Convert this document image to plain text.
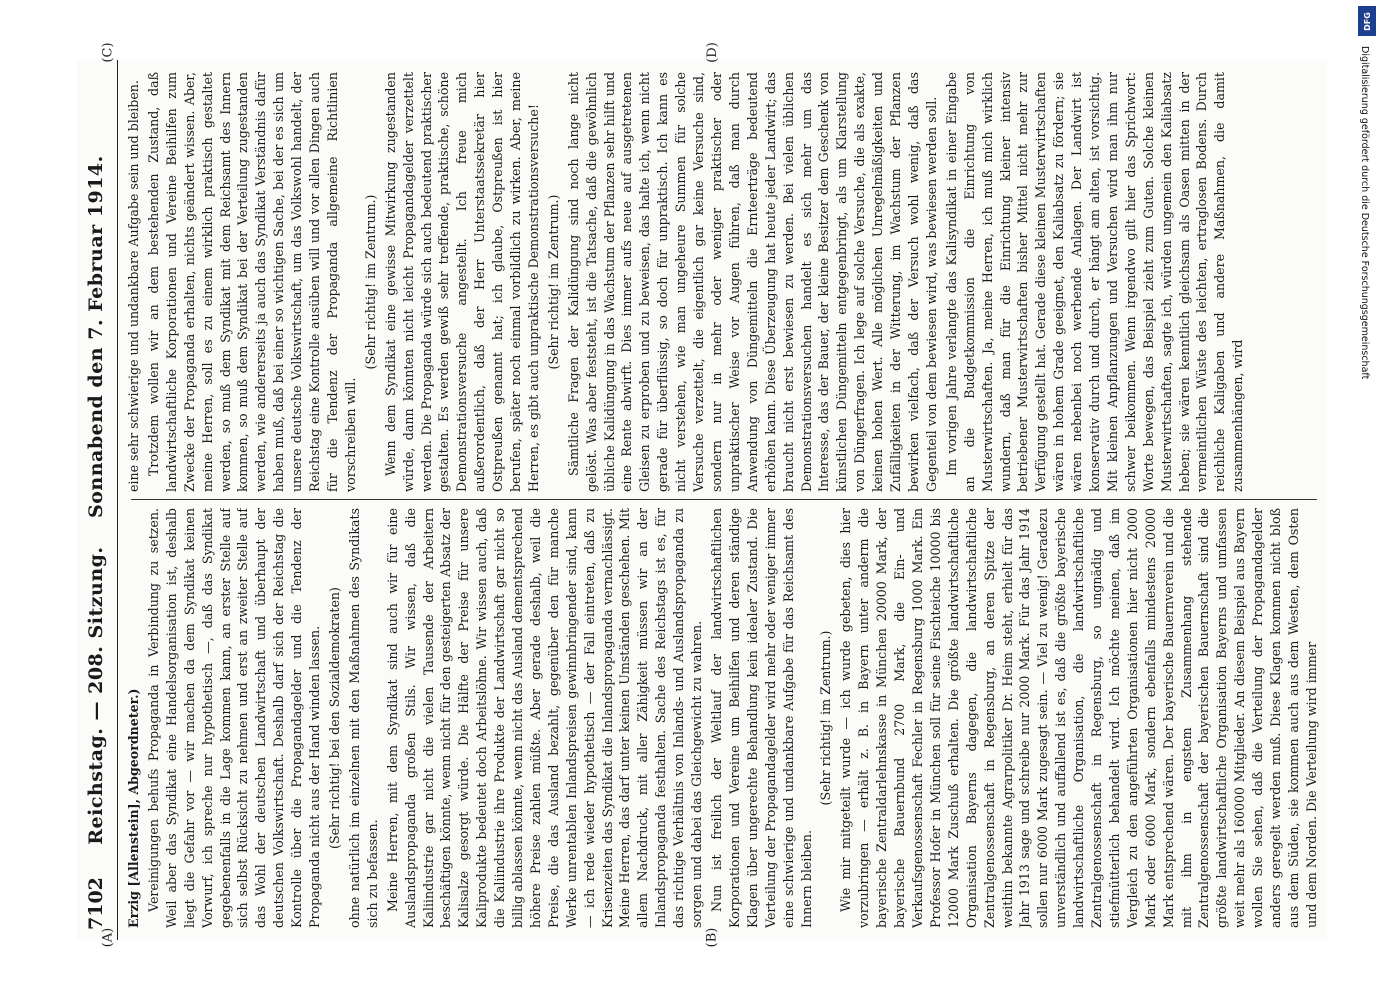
7102
Reichstag. — 208. Sitzung.    Sonnabend den 7. Februar 1914.

Erzig [Allenstein], Abgeordneter.) Vereinigungen behufs Propaganda in Verbindung zu setzen. Weil aber das Syndikat eine Handelsorganisation ist, deshalb liegt die Gefahr vor — wir machen da dem Syndikat keinen Vorwurf, ich spreche nur hypothetisch —, daß das Syndikat gegebenenfalls in die Lage kommen kann, an erster Stelle auf sich selbst Rücksicht zu nehmen und erst an zweiter Stelle auf das Wohl der deutschen Landwirtschaft und überhaupt der deutschen Volkswirtschaft. Deshalb darf sich der Reichstag die Kontrolle über die Propagandagelder und die Tendenz der Propaganda nicht aus der Hand winden lassen. (Sehr richtig! bei den Sozialdemokraten) ohne natürlich im einzelnen mit den Maßnahmen des Syndikats sich zu befassen. Meine Herren, mit dem Syndikat sind auch wir für eine Auslandspropaganda großen Stils. Wir wissen, daß die Kaliindustrie gar nicht die vielen Tausende der Arbeitern beschäftigen könnte, wenn nicht für den gesteigerten Absatz der Kalisalze gesorgt würde. Die Hälfte der Preise für unsere Kaliprodukte bedeutet doch Arbeitslöhne. Wir wissen auch, daß die Kaliindustrie ihre Produkte der Landwirtschaft gar nicht so billig ablassen könnte, wenn nicht das Ausland dementsprechend höhere Preise zahlen müßte. Aber gerade deshalb, weil die Preise, die das Ausland bezahlt, gegenüber den für manche Werke unrentablen Inlandspreisen gewinnbringender sind, kann — ich rede wieder hypothetisch — der Fall eintreten, daß zu Krisenzeiten das Syndikat die Inlandspropaganda vernachlässigt. Meine Herren, das darf unter keinen Umständen geschehen. Mit allem Nachdruck, mit aller Zähigkeit müssen wir an der Inlandspropaganda festhalten. Sache des Reichstags ist es, für das richtige Verhältnis von Inlands- und Auslandspropaganda zu sorgen und dabei das Gleichgewicht zu wahren. Nun ist freilich der Weltlauf der landwirtschaftlichen Korporationen und Vereine um Beihilfen und deren ständige Klagen über ungerechte Behandlung kein idealer Zustand. Die Verteilung der Propagandagelder wird mehr oder weniger immer eine schwierige und undankbare Aufgabe für das Reichsamt des Innern bleiben.

(Sehr richtig! im Zentrum.) Wie mir mitgeteilt wurde — ich wurde gebeten, dies hier vorzubringen — erhält z. B. in Bayern unter anderm die bayerische Zentraldarlehnskasse in München 20000 Mark, der bayerische Bauernbund 2700 Mark, die Ein- und Verkaufsgenossenschaft Fechler in Regensburg 1000 Mark. Ein Professor Hofer in München soll für seine Fischteiche 10000 bis 12000 Mark Zuschuß erhalten. Die größte landwirtschaftliche Organisation Bayerns dagegen, die landwirtschaftliche Zentralgenossenschaft in Regensburg, an deren Spitze der weithin bekannte Agrarpolitiker Dr. Heim steht, erhielt für das Jahr 1913 sage und schreibe nur 2000 Mark. Für das Jahr 1914 sollen nur 6000 Mark zugesagt sein. — Viel zu wenig! Geradezu unverständlich und auffallend ist es, daß die größte bayerische landwirtschaftliche Organisation, die landwirtschaftliche Zentralgenossenschaft in Regensburg, so ungnädig und stiefmütterlich behandelt wird. Ich möchte meinen, daß im Vergleich zu den angeführten Organisationen hier nicht 2000 Mark oder 6000 Mark, sondern ebenfalls mindestens 20000 Mark entsprechend wären. Der bayerische Bauernverein und die mit ihm in engstem Zusammenhang stehende Zentralgenossenschaft der bayerischen Bauernschaft sind die größte landwirtschaftliche Organisation Bayerns und umfassen weit mehr als 160000 Mitglieder. An diesem Beispiel aus Bayern wollen Sie sehen, daß die Verteilung der Propagandagelder anders geregelt werden muß. Diese Klagen kommen nicht bloß aus dem Süden, sie kommen auch aus dem Westen, dem Osten und dem Norden. Die Verteilung wird immer

eine sehr schwierige und undankbare Aufgabe sein und bleiben. Trotzdem wollen wir an dem bestehenden Zustand, daß landwirtschaftliche Korporationen und Vereine Beihilfen zum Zwecke der Propaganda erhalten, nichts geändert wissen. Aber, meine Herren, soll es zu einem wirklich praktisch gestaltet werden, so muß dem Syndikat mit dem Reichsamt des Innern kommen, so muß dem Syndikat bei der Verteilung zugestanden werden, wie andererseits ja auch das Syndikat Verständnis dafür haben muß, daß bei einer so wichtigen Sache, bei der es sich um unsere deutsche Volkswirtschaft, um das Volkswohl handelt, der Reichstag eine Kontrolle ausüben will und vor allen Dingen auch für die Tendenz der Propaganda allgemeine Richtlinien vorschreiben will.

(Sehr richtig! im Zentrum.) Wenn dem Syndikat eine gewisse Mitwirkung zugestanden würde, dann könnten nicht leicht Propagandagelder verzettelt werden. Die Propaganda würde sich auch bedeutend praktischer gestalten. Es werden gewiß sehr treffende, praktische, schöne Demonstrationsversuche angestellt. Ich freue mich außerordentlich, daß der Herr Unterstaatssekretär hier Ostpreußen genannt hat; ich glaube, Ostpreußen ist hier berufen, später noch einmal vorbildlich zu wirken. Aber, meine Herren, es gibt auch unpraktische Demonstrationsversuche! (Sehr richtig! im Zentrum.) Sämtliche Fragen der Kalidüngung sind noch lange nicht gelöst. Was aber feststeht, ist die Tatsache, daß die gewöhnlich übliche Kalidüngung in das Wachstum der Pflanzen sehr hilft und eine Rente abwirft. Dies immer aufs neue auf ausgetretenen Gleisen zu erproben und zu beweisen, das halte ich, wenn nicht gerade für überflüssig, so doch für unpraktisch. Ich kann es nicht verstehen, wie man ungeheure Summen für solche Versuche verzettelt, die eigentlich gar keine Versuche sind, sondern nur in mehr oder weniger praktischer oder unpraktischer Weise vor Augen führen, daß man durch Anwendung von Düngemitteln die Ernteerträge bedeutend erhöhen kann. Diese Überzeugung hat heute jeder Landwirt; das braucht nicht erst bewiesen zu werden. Bei vielen üblichen Demonstrationsversuchen handelt es sich mehr um das Interesse, das der Bauer, der kleine Besitzer dem Geschenk von künstlichen Düngemitteln entgegenbringt, als um Klarstellung von Düngerfragen. Ich lege auf solche Versuche, die als exakte, keinen hohen Wert. Alle möglichen Unregelmäßigkeiten und Zufälligkeiten in der Witterung, im Wachstum der Pflanzen bewirken vielfach, daß der Versuch wohl wenig, daß das Gegenteil von dem bewiesen wird, was bewiesen werden soll. Im vorigen Jahre verlangte das Kalisyndikat in einer Eingabe an die Budgetkommission die Einrichtung von Musterwirtschaften. Ja, meine Herren, ich muß mich wirklich wundern, daß man für die Einrichtung kleiner intensiv betriebener Musterwirtschaften bisher Mittel nicht mehr zur Verfügung gestellt hat. Gerade diese kleinen Musterwirtschaften wären in hohem Grade geeignet, den Kaliabsatz zu fördern; sie wären nebenbei noch werbende Anlagen. Der Landwirt ist konservativ durch und durch, er hängt am alten, ist vorsichtig. Mit kleinen Anpflanzungen und Versuchen wird man ihm nur schwer beikommen. Wenn irgendwo gilt hier das Sprichwort: Worte bewegen, das Beispiel zieht zum Guten. Solche kleinen Musterwirtschaften, sagte ich, würden ungemein den Kaliabsatz heben; sie wären kenntlich gleichsam als Oasen mitten in der vermeintlichen Wüste des leichten, ertraglosen Bodens. Durch reichliche Kaligaben und andere Maßnahmen, die damit zusammenhängen, wird

(A)	(B)
(C)	(D)
DFG
Digitalisierung gefördert durch die Deutsche Forschungsgemeinschaft
